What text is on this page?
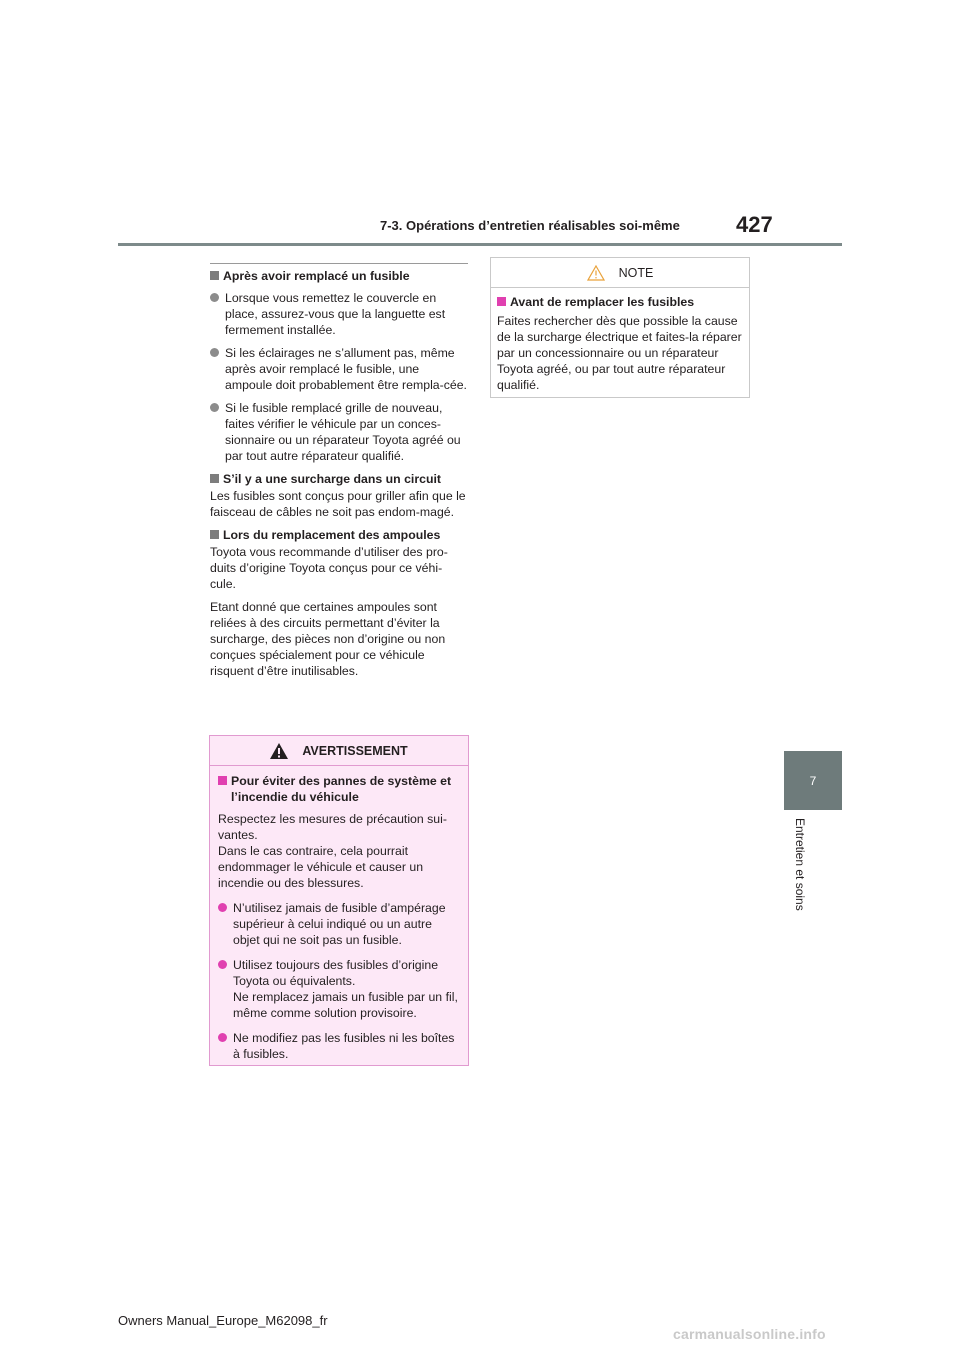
7-3. Opérations d’entretien réalisables soi-même	427
7
Entretien et soins
Après avoir remplacé un fusible
Lorsque vous remettez le couvercle en place, assurez-vous que la languette est fermement installée.
Si les éclairages ne s’allument pas, même après avoir remplacé le fusible, une ampoule doit probablement être rempla-cée.
Si le fusible remplacé grille de nouveau, faites vérifier le véhicule par un conces-sionnaire ou un réparateur Toyota agréé ou par tout autre réparateur qualifié.
S’il y a une surcharge dans un circuit
Les fusibles sont conçus pour griller afin que le faisceau de câbles ne soit pas endom-magé.
Lors du remplacement des ampoules
Toyota vous recommande d’utiliser des pro-duits d’origine Toyota conçus pour ce véhi-cule.
Etant donné que certaines ampoules sont reliées à des circuits permettant d’éviter la surcharge, des pièces non d’origine ou non conçues spécialement pour ce véhicule risquent d’être inutilisables.
AVERTISSEMENT
Pour éviter des pannes de système et l’incendie du véhicule
Respectez les mesures de précaution sui-vantes.
Dans le cas contraire, cela pourrait endommager le véhicule et causer un incendie ou des blessures.
N’utilisez jamais de fusible d’ampérage supérieur à celui indiqué ou un autre objet qui ne soit pas un fusible.
Utilisez toujours des fusibles d’origine Toyota ou équivalents.
Ne remplacez jamais un fusible par un fil, même comme solution provisoire.
Ne modifiez pas les fusibles ni les boîtes à fusibles.
NOTE
Avant de remplacer les fusibles
Faites rechercher dès que possible la cause de la surcharge électrique et faites-la réparer par un concessionnaire ou un réparateur Toyota agréé, ou par tout autre réparateur qualifié.
Owners Manual_Europe_M62098_fr
carmanualsonline.info
